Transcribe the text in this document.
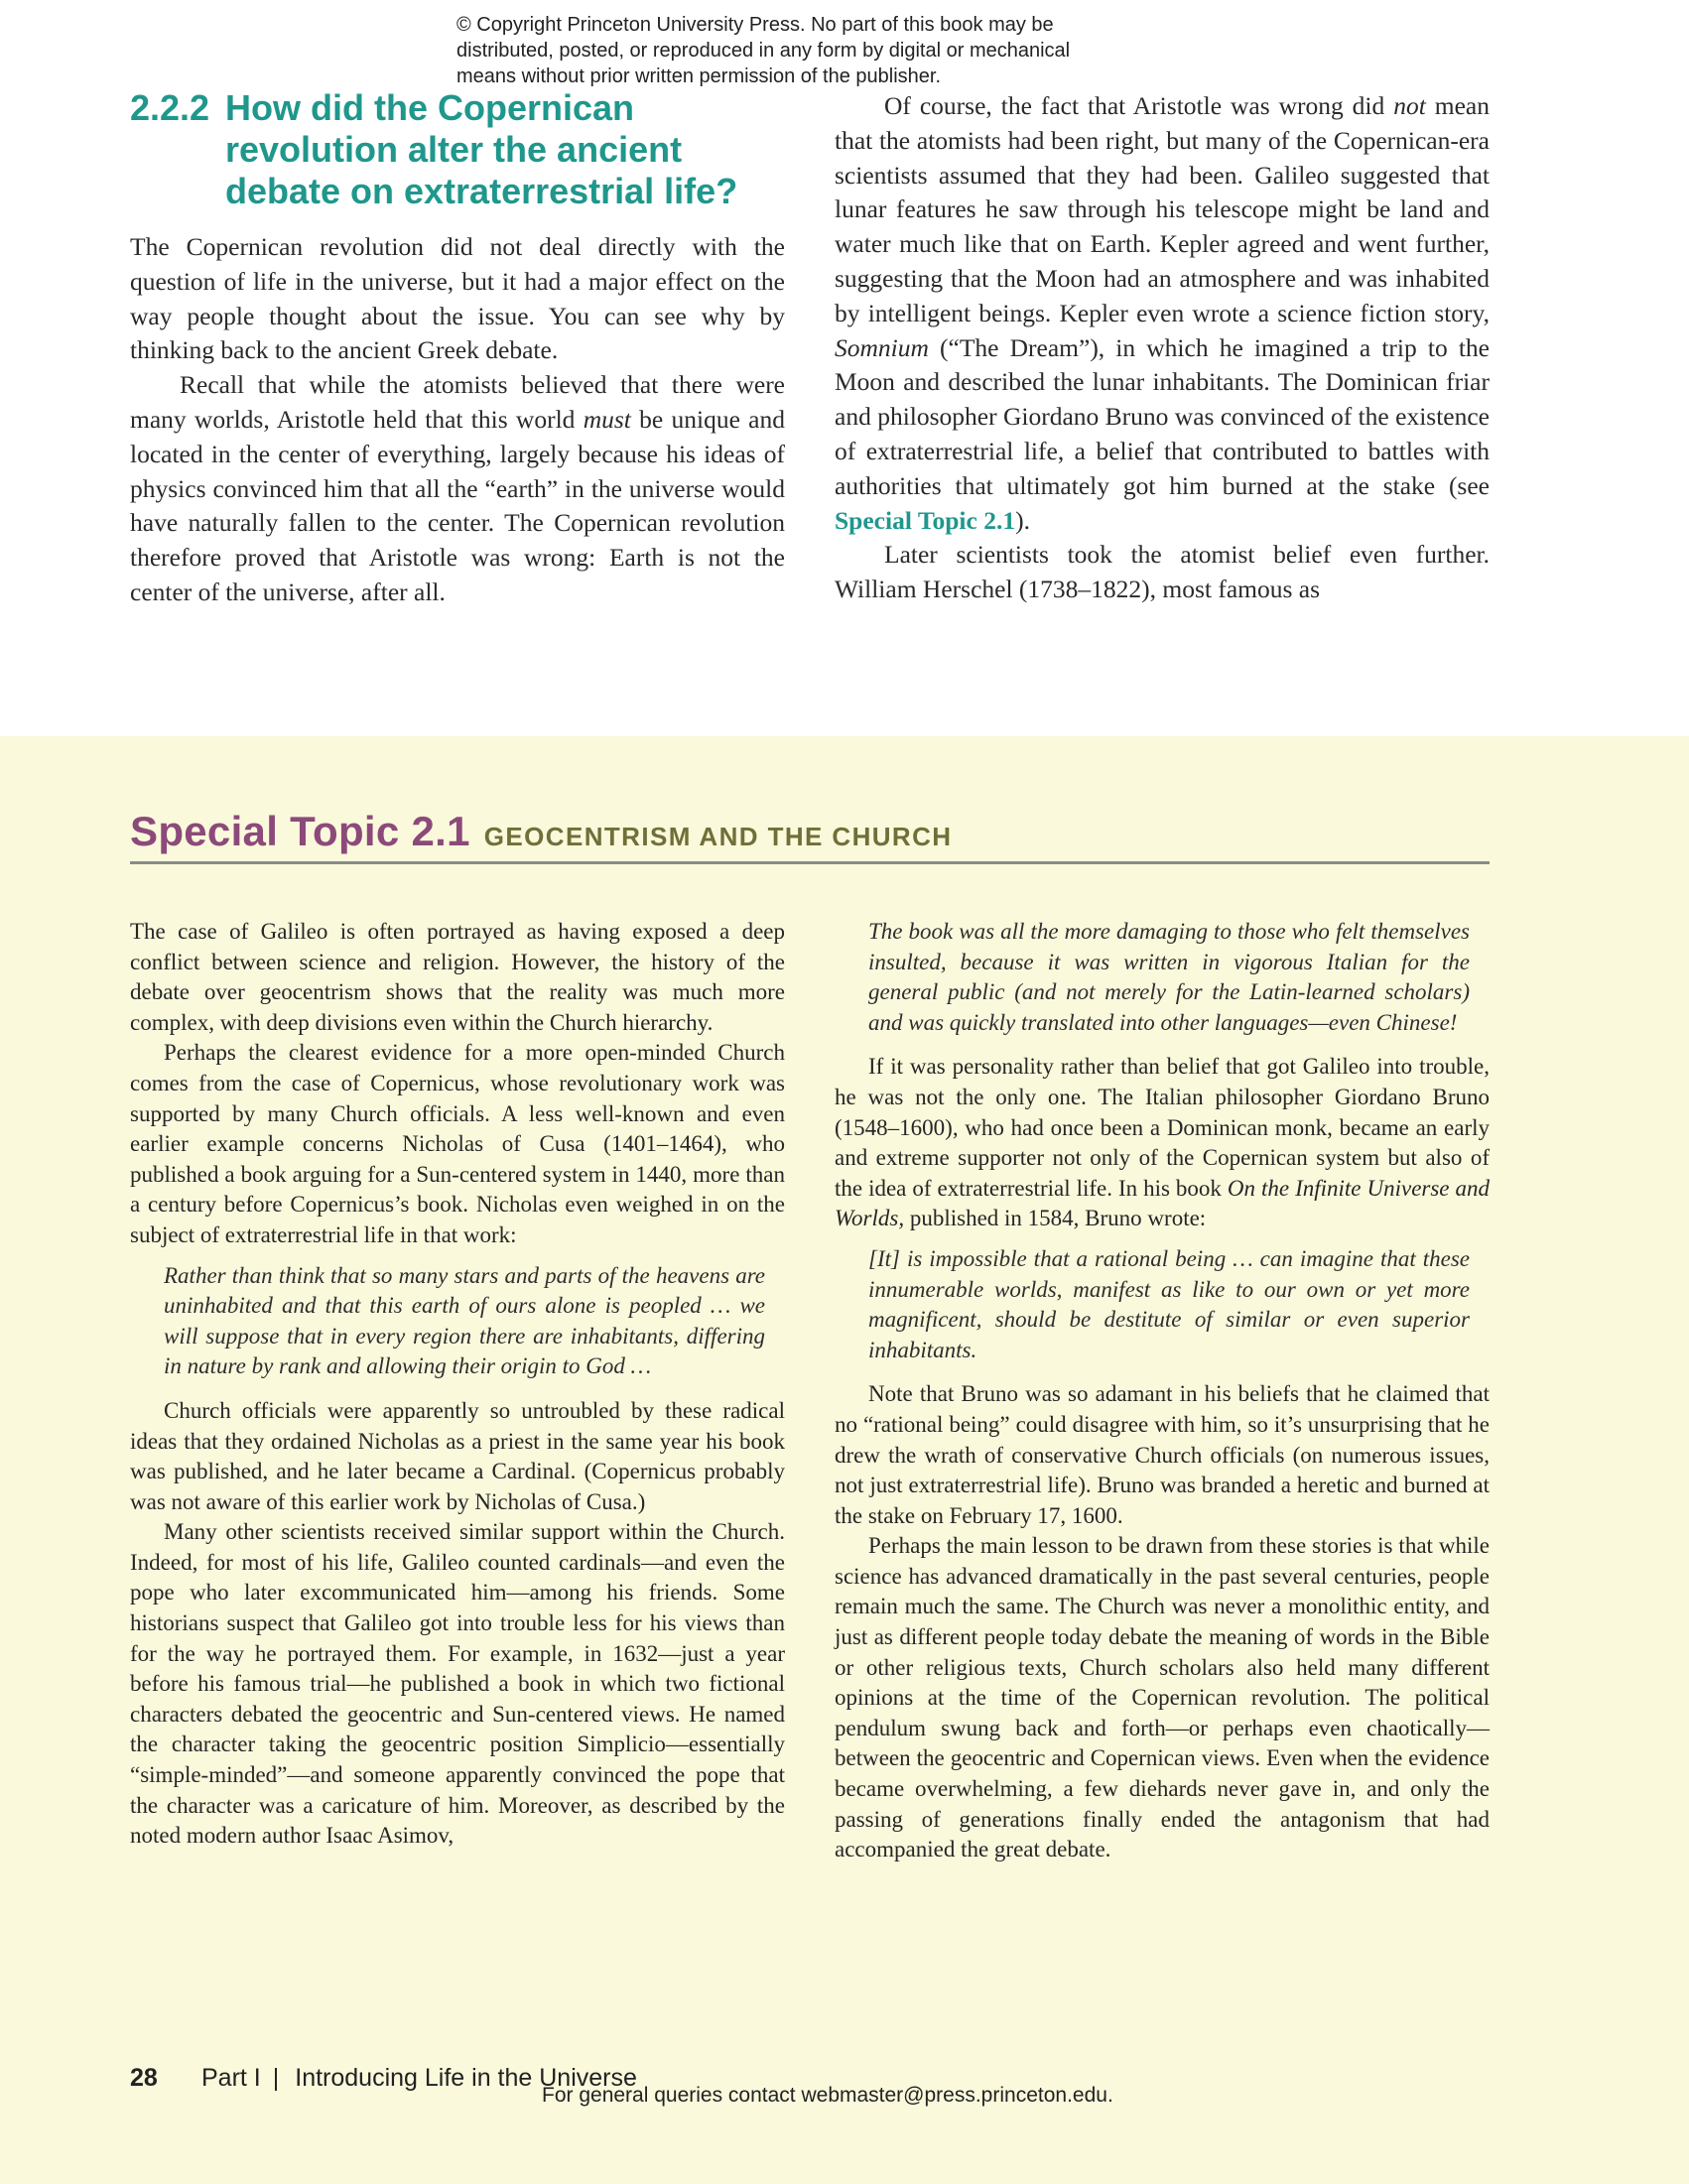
© Copyright Princeton University Press. No part of this book may be
distributed, posted, or reproduced in any form by digital or mechanical
means without prior written permission of the publisher.
2.2.2 How did the Copernican revolution alter the ancient debate on extraterrestrial life?

The Copernican revolution did not deal directly with the question of life in the universe, but it had a major effect on the way people thought about the issue. You can see why by thinking back to the ancient Greek debate.

Recall that while the atomists believed that there were many worlds, Aristotle held that this world must be unique and located in the center of everything, largely because his ideas of physics convinced him that all the “earth” in the universe would have naturally fallen to the center. The Copernican revolution therefore proved that Aristotle was wrong: Earth is not the center of the universe, after all.

Of course, the fact that Aristotle was wrong did not mean that the atomists had been right, but many of the Copernican-era scientists assumed that they had been. Galileo suggested that lunar features he saw through his telescope might be land and water much like that on Earth. Kepler agreed and went further, suggesting that the Moon had an atmosphere and was inhabited by intelligent beings. Kepler even wrote a science fiction story, Somnium (“The Dream”), in which he imagined a trip to the Moon and described the lunar inhabitants. The Dominican friar and philosopher Giordano Bruno was convinced of the existence of extraterrestrial life, a belief that contributed to battles with authorities that ultimately got him burned at the stake (see Special Topic 2.1).

Later scientists took the atomist belief even further. William Herschel (1738–1822), most famous as

Special Topic 2.1 GEOCENTRISM AND THE CHURCH

The case of Galileo is often portrayed as having exposed a deep conflict between science and religion. However, the history of the debate over geocentrism shows that the reality was much more complex, with deep divisions even within the Church hierarchy.

Perhaps the clearest evidence for a more open-minded Church comes from the case of Copernicus, whose revolutionary work was supported by many Church officials. A less well-known and even earlier example concerns Nicholas of Cusa (1401–1464), who published a book arguing for a Sun-centered system in 1440, more than a century before Copernicus’s book. Nicholas even weighed in on the subject of extraterrestrial life in that work:

Rather than think that so many stars and parts of the heavens are uninhabited and that this earth of ours alone is peopled … we will suppose that in every region there are inhabitants, differing in nature by rank and allowing their origin to God …

Church officials were apparently so untroubled by these radical ideas that they ordained Nicholas as a priest in the same year his book was published, and he later became a Cardinal. (Copernicus probably was not aware of this earlier work by Nicholas of Cusa.)

Many other scientists received similar support within the Church. Indeed, for most of his life, Galileo counted cardinals—and even the pope who later excommunicated him—among his friends. Some historians suspect that Galileo got into trouble less for his views than for the way he portrayed them. For example, in 1632—just a year before his famous trial—he published a book in which two fictional characters debated the geocentric and Sun-centered views. He named the character taking the geocentric position Simplicio—essentially “simple-minded”—and someone apparently convinced the pope that the character was a caricature of him. Moreover, as described by the noted modern author Isaac Asimov,

The book was all the more damaging to those who felt themselves insulted, because it was written in vigorous Italian for the general public (and not merely for the Latin-learned scholars) and was quickly translated into other languages—even Chinese!

If it was personality rather than belief that got Galileo into trouble, he was not the only one. The Italian philosopher Giordano Bruno (1548–1600), who had once been a Dominican monk, became an early and extreme supporter not only of the Copernican system but also of the idea of extraterrestrial life. In his book On the Infinite Universe and Worlds, published in 1584, Bruno wrote:

[It] is impossible that a rational being … can imagine that these innumerable worlds, manifest as like to our own or yet more magnificent, should be destitute of similar or even superior inhabitants.

Note that Bruno was so adamant in his beliefs that he claimed that no “rational being” could disagree with him, so it’s unsurprising that he drew the wrath of conservative Church officials (on numerous issues, not just extraterrestrial life). Bruno was branded a heretic and burned at the stake on February 17, 1600.

Perhaps the main lesson to be drawn from these stories is that while science has advanced dramatically in the past several centuries, people remain much the same. The Church was never a monolithic entity, and just as different people today debate the meaning of words in the Bible or other religious texts, Church scholars also held many different opinions at the time of the Copernican revolution. The political pendulum swung back and forth—or perhaps even chaotically—between the geocentric and Copernican views. Even when the evidence became overwhelming, a few diehards never gave in, and only the passing of generations finally ended the antagonism that had accompanied the great debate.

28	Part I | Introducing Life in the Universe
For general queries contact webmaster@press.princeton.edu.
